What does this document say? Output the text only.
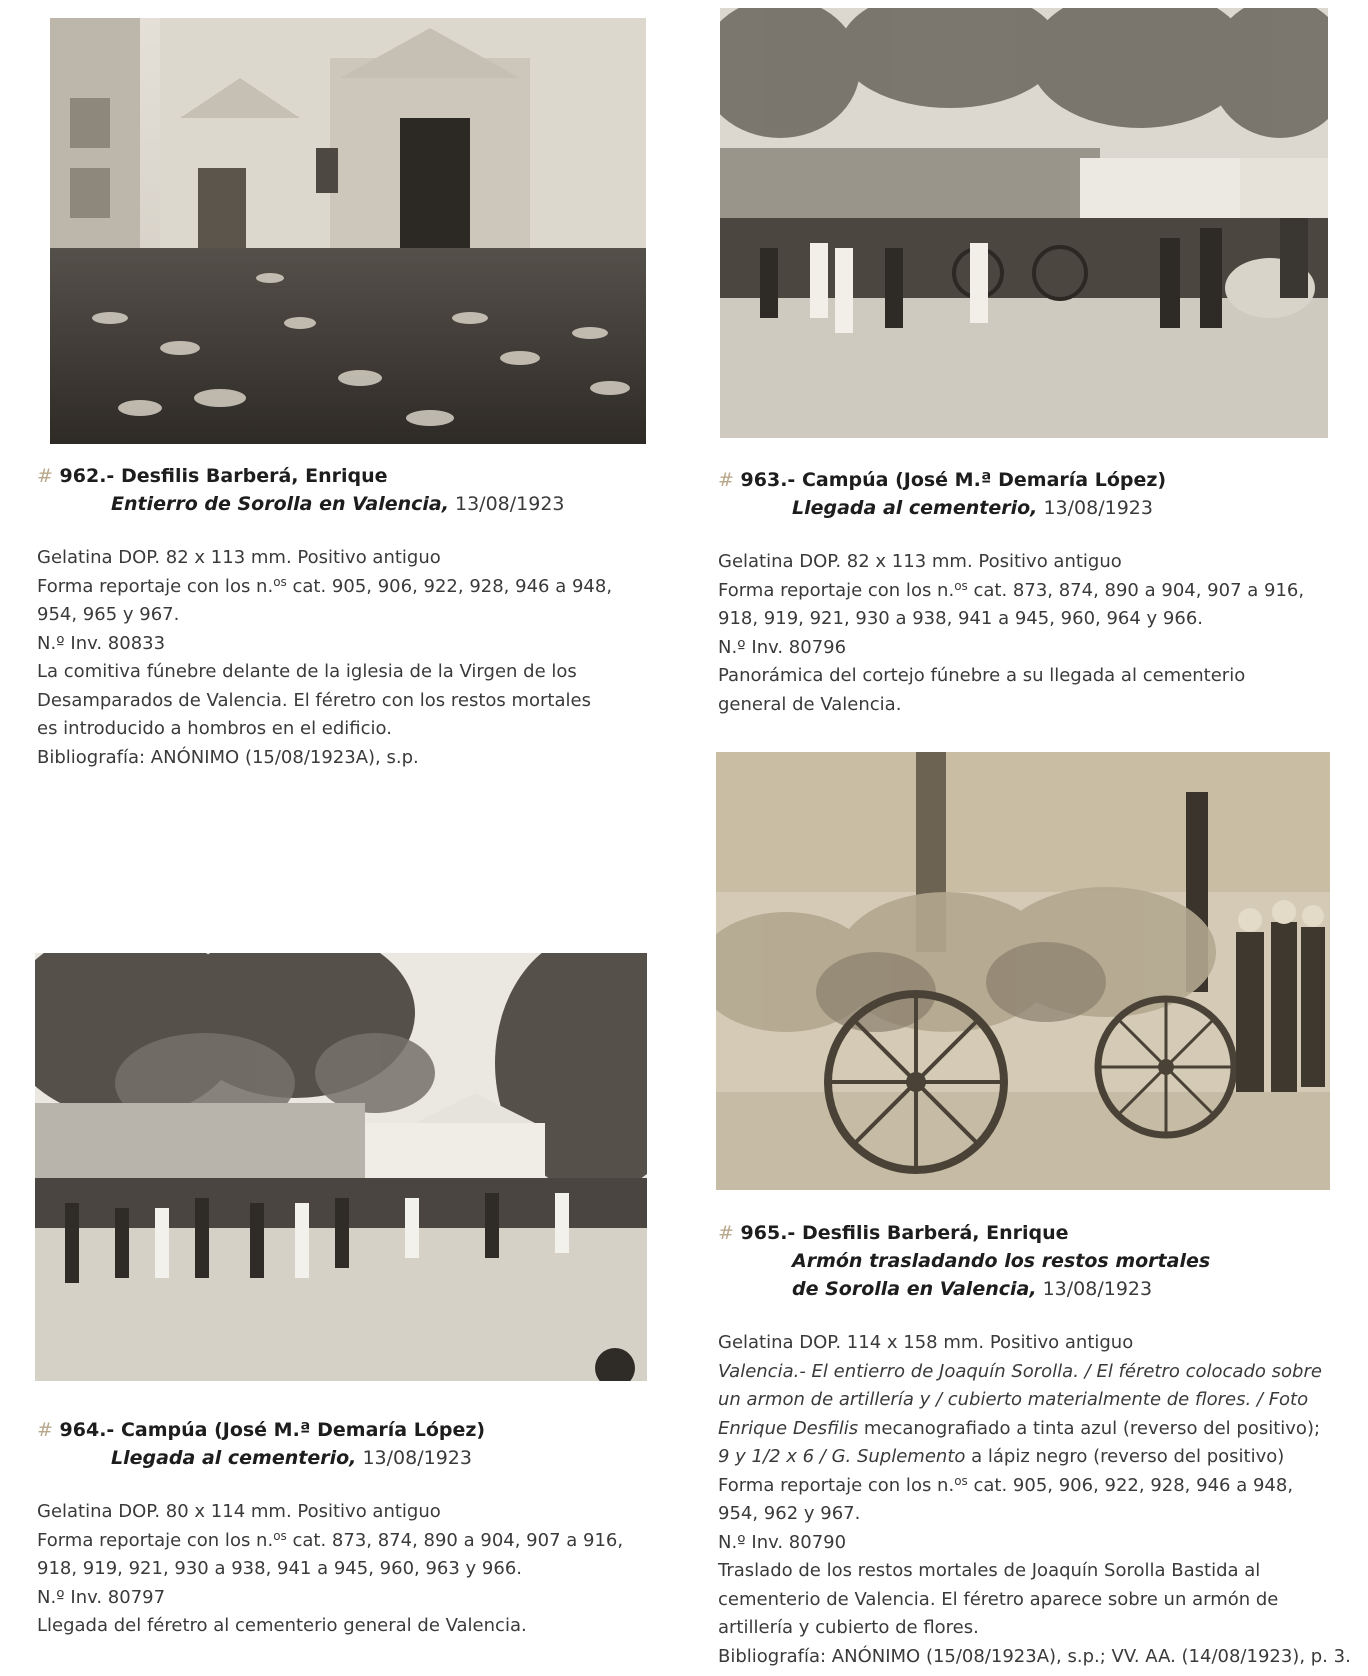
# 962.- Desfilis Barberá, Enrique
Entierro de Sorolla en Valencia, 13/08/1923
Gelatina DOP. 82 x 113 mm. Positivo antiguo
Forma reportaje con los n.$^{os}$ cat. 905, 906, 922, 928, 946 a 948,
954, 965 y 967.
N.º Inv. 80833
La comitiva fúnebre delante de la iglesia de la Virgen de los
Desamparados de Valencia. El féretro con los restos mortales
es introducido a hombros en el edificio.
Bibliografía: ANÓNIMO (15/08/1923A), s.p.
# 963.- Campúa (José M.ª Demaría López)
Llegada al cementerio, 13/08/1923
Gelatina DOP. 82 x 113 mm. Positivo antiguo
Forma reportaje con los n.$^{os}$ cat. 873, 874, 890 a 904, 907 a 916,
918, 919, 921, 930 a 938, 941 a 945, 960, 964 y 966.
N.º Inv. 80796
Panorámica del cortejo fúnebre a su llegada al cementerio
general de Valencia.
# 964.- Campúa (José M.ª Demaría López)
Llegada al cementerio, 13/08/1923
Gelatina DOP. 80 x 114 mm. Positivo antiguo
Forma reportaje con los n.$^{os}$ cat. 873, 874, 890 a 904, 907 a 916,
918, 919, 921, 930 a 938, 941 a 945, 960, 963 y 966.
N.º Inv. 80797
Llegada del féretro al cementerio general de Valencia.
# 965.- Desfilis Barberá, Enrique
Armón trasladando los restos mortales
de Sorolla en Valencia, 13/08/1923
Gelatina DOP. 114 x 158 mm. Positivo antiguo
Valencia.- El entierro de Joaquín Sorolla. / El féretro colocado sobre
un armon de artillería y / cubierto materialmente de flores. / Foto
Enrique Desfilis mecanografiado a tinta azul (reverso del positivo);
9 y 1/2 x 6 / G. Suplemento a lápiz negro (reverso del positivo)
Forma reportaje con los n.$^{os}$ cat. 905, 906, 922, 928, 946 a 948,
954, 962 y 967.
N.º Inv. 80790
Traslado de los restos mortales de Joaquín Sorolla Bastida al
cementerio de Valencia. El féretro aparece sobre un armón de
artillería y cubierto de flores.
Bibliografía: ANÓNIMO (15/08/1923A), s.p.; VV. AA. (14/08/1923), p. 3.
